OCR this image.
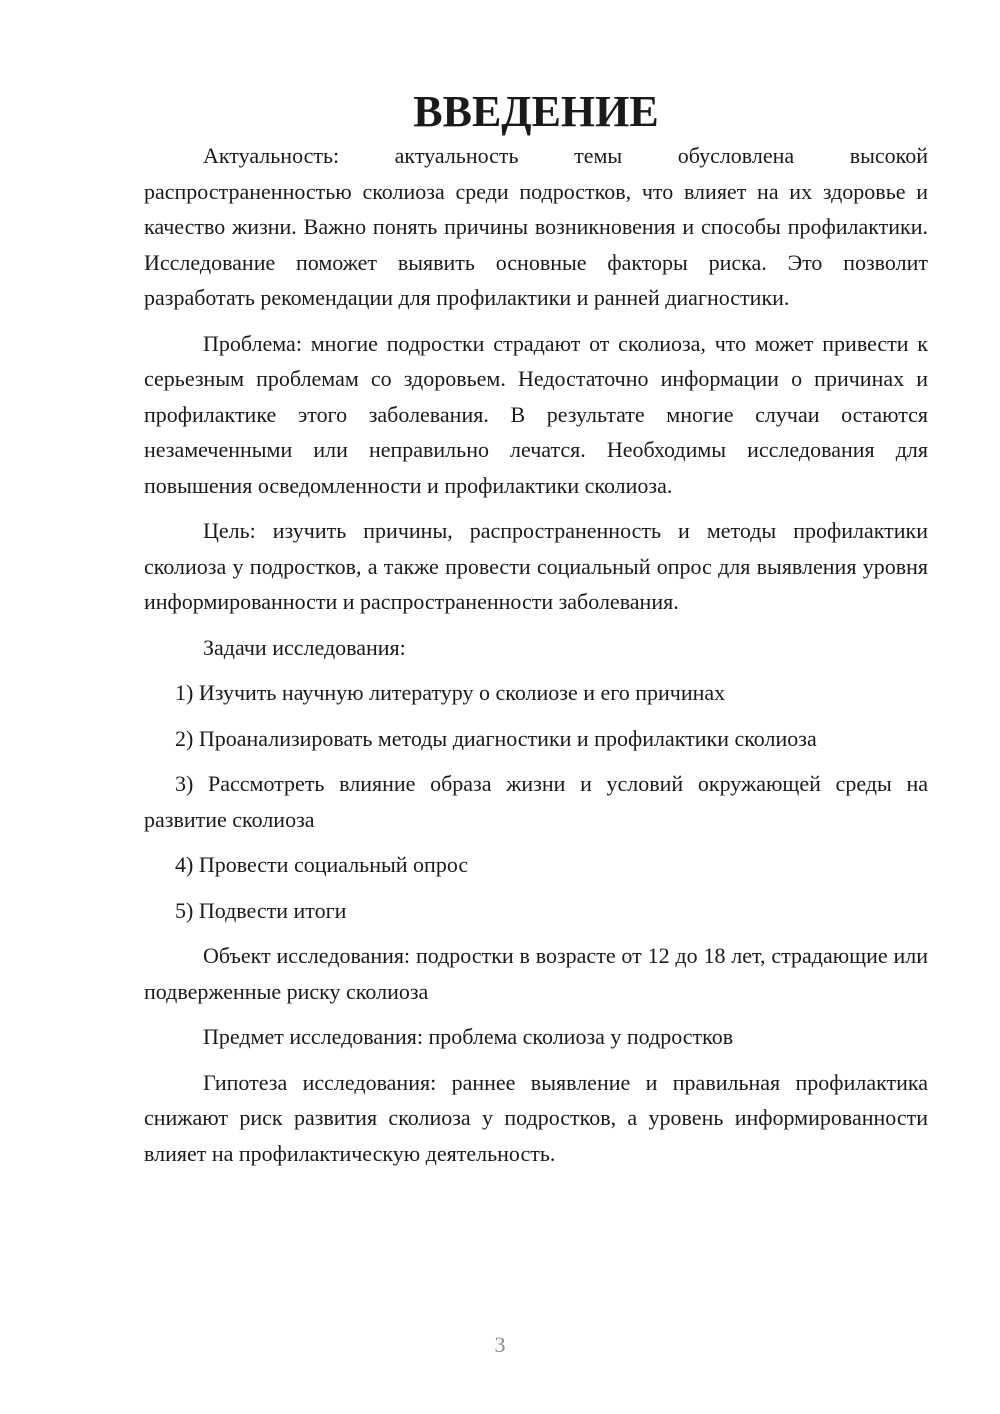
ВВЕДЕНИЕ

Актуальность: актуальность темы обусловлена высокой распространенностью сколиоза среди подростков, что влияет на их здоровье и качество жизни. Важно понять причины возникновения и способы профилактики. Исследование поможет выявить основные факторы риска. Это позволит разработать рекомендации для профилактики и ранней диагностики.

Проблема: многие подростки страдают от сколиоза, что может привести к серьезным проблемам со здоровьем. Недостаточно информации о причинах и профилактике этого заболевания. В результате многие случаи остаются незамеченными или неправильно лечатся. Необходимы исследования для повышения осведомленности и профилактики сколиоза.

Цель: изучить причины, распространенность и методы профилактики сколиоза у подростков, а также провести социальный опрос для выявления уровня информированности и распространенности заболевания.

Задачи исследования:

1) Изучить научную литературу о сколиозе и его причинах

2) Проанализировать методы диагностики и профилактики сколиоза

3) Рассмотреть влияние образа жизни и условий окружающей среды на развитие сколиоза

4) Провести социальный опрос

5) Подвести итоги

Объект исследования: подростки в возрасте от 12 до 18 лет, страдающие или подверженные риску сколиоза

Предмет исследования: проблема сколиоза у подростков

Гипотеза исследования: раннее выявление и правильная профилактика снижают риск развития сколиоза у подростков, а уровень информированности влияет на профилактическую деятельность.

3
